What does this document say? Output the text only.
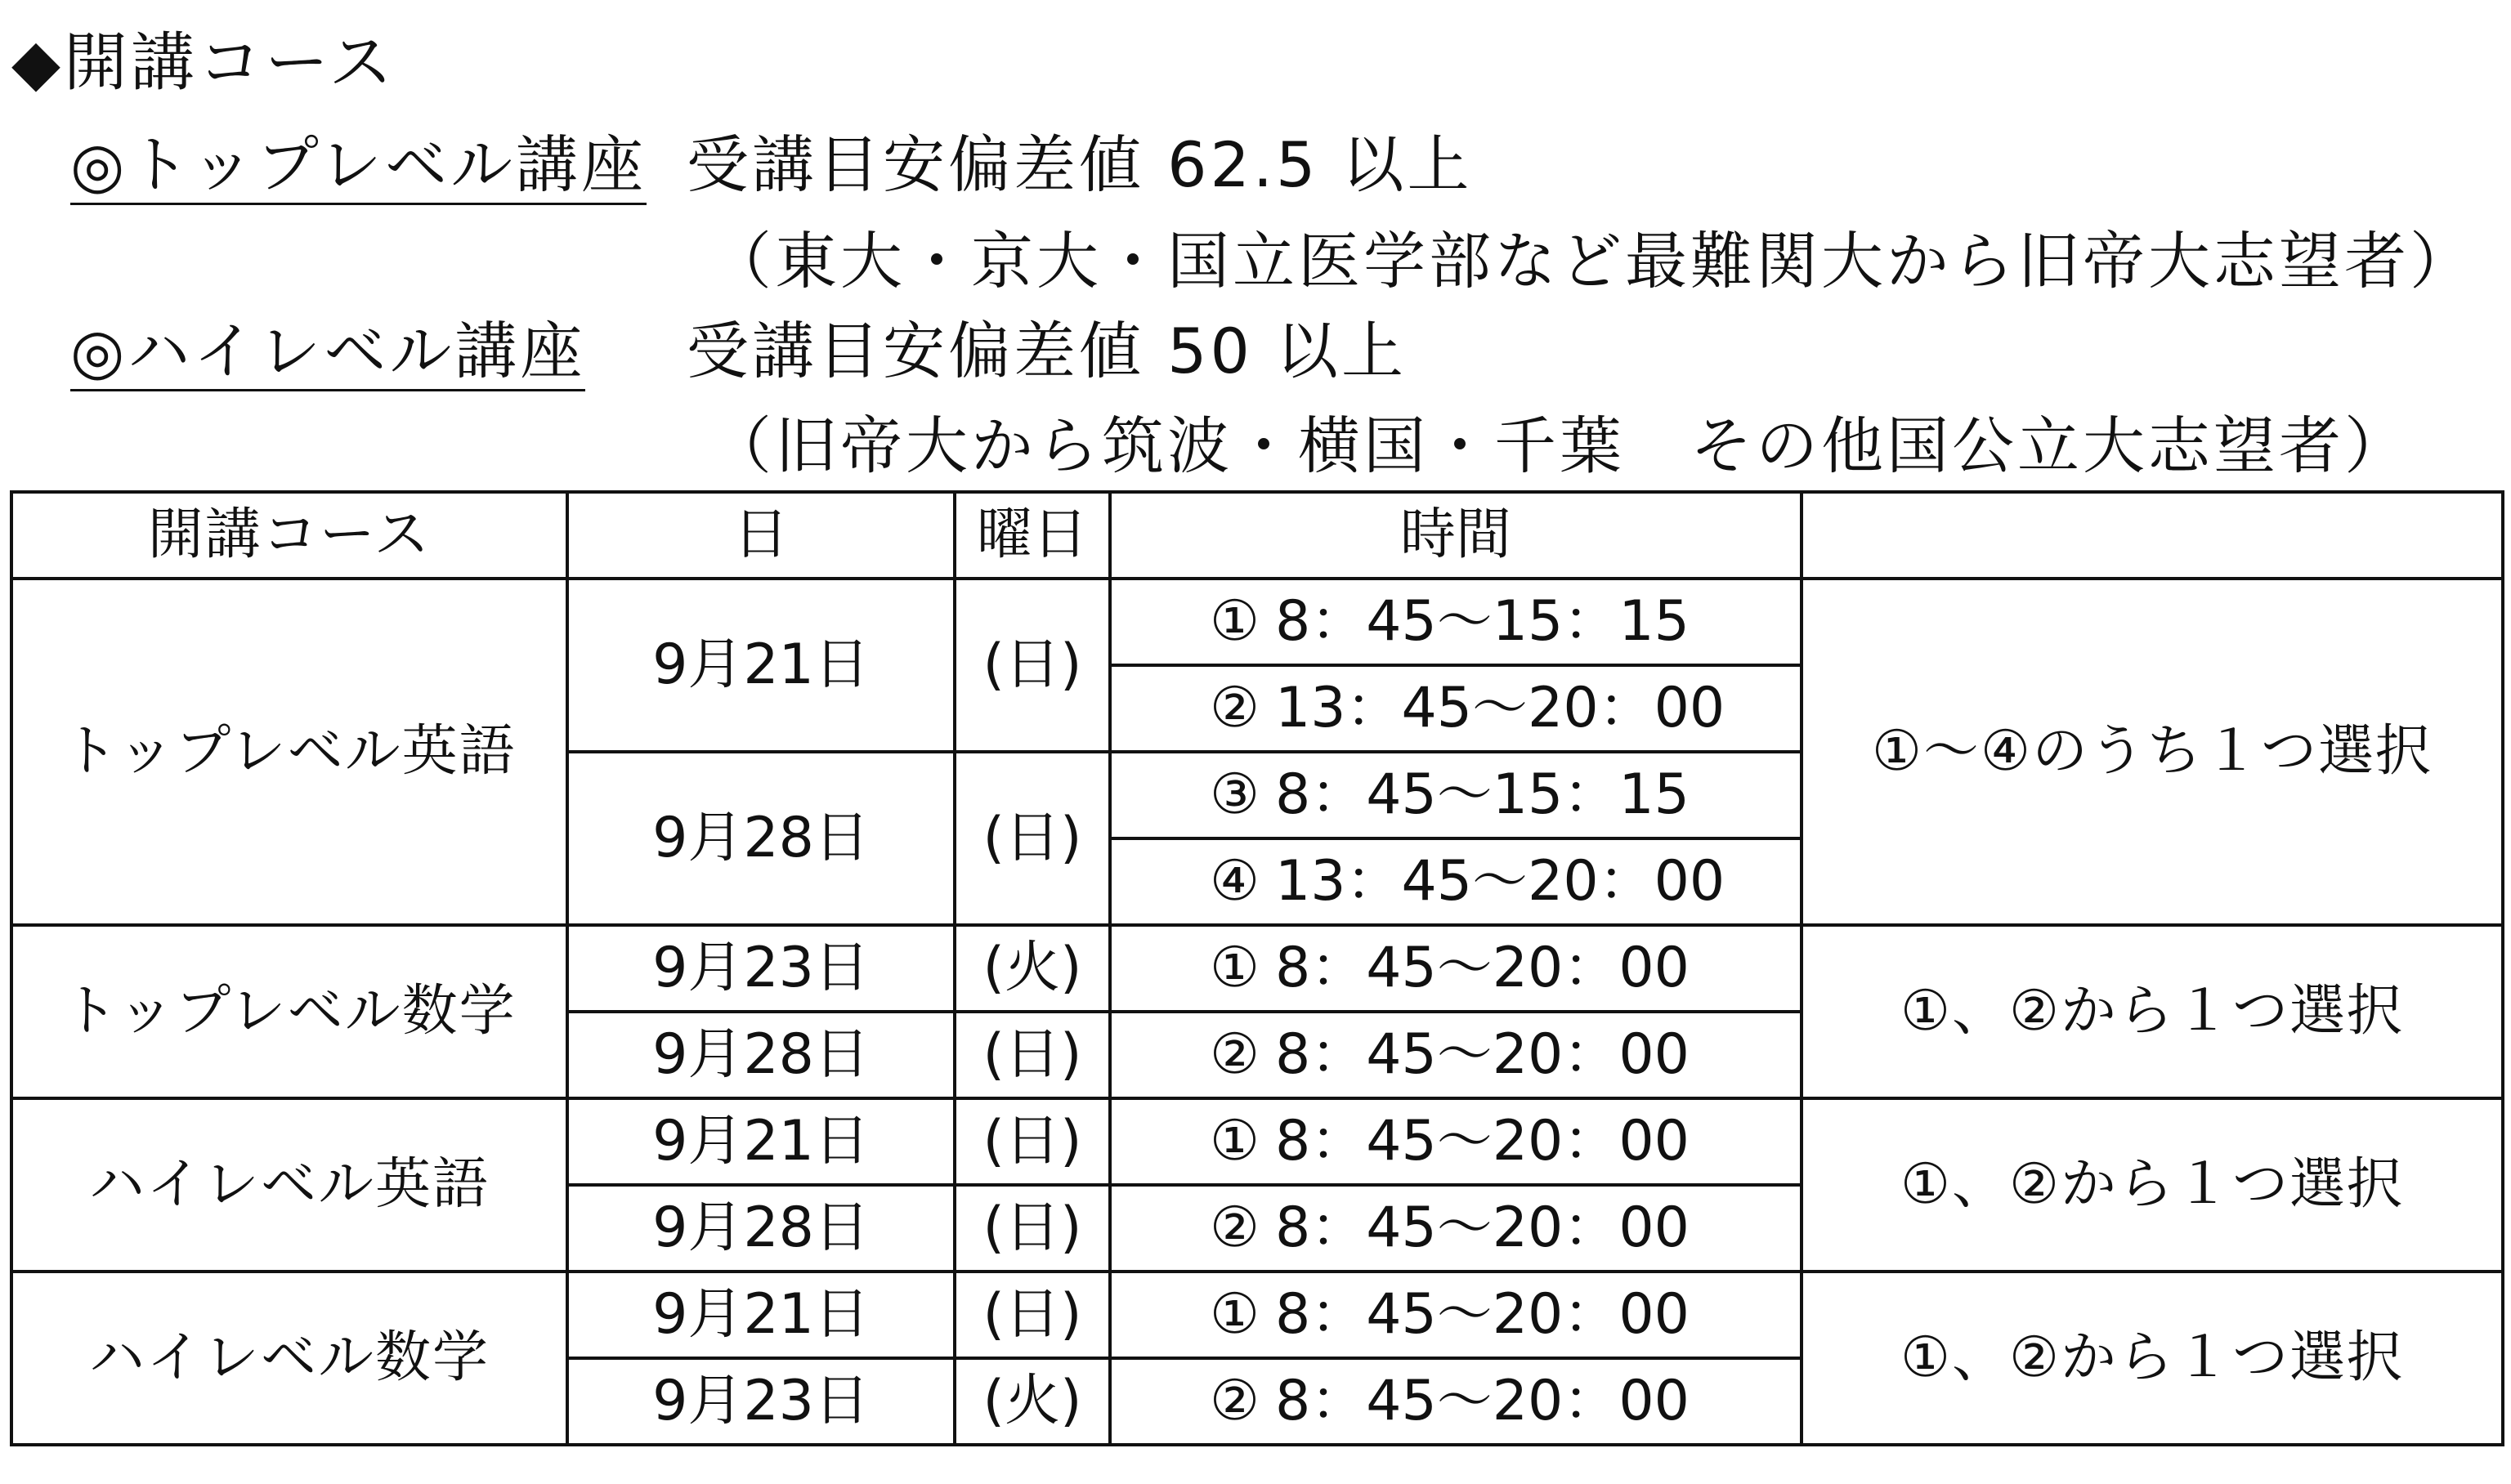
◆開講コース
◎トップレベル講座 受講目安偏差値 62.5 以上
（東大・京大・国立医学部など最難関大から旧帝大志望者）
◎ハイレベル講座 受講目安偏差値 50 以上
（旧帝大から筑波・横国・千葉　その他国公立大志望者）
開講コース	日	曜日	時間	
トップレベル英語	9月21日	(日)	① 8：45～15：15	①～④のうち１つ選択
			② 13：45～20：00	
	9月28日	(日)	③ 8：45～15：15	
			④ 13：45～20：00	
トップレベル数学	9月23日	(火)	① 8：45～20：00	①、②から１つ選択
	9月28日	(日)	② 8：45～20：00	
ハイレベル英語	9月21日	(日)	① 8：45～20：00	①、②から１つ選択
	9月28日	(日)	② 8：45～20：00	
ハイレベル数学	9月21日	(日)	① 8：45～20：00	①、②から１つ選択
	9月23日	(火)	② 8：45～20：00	
